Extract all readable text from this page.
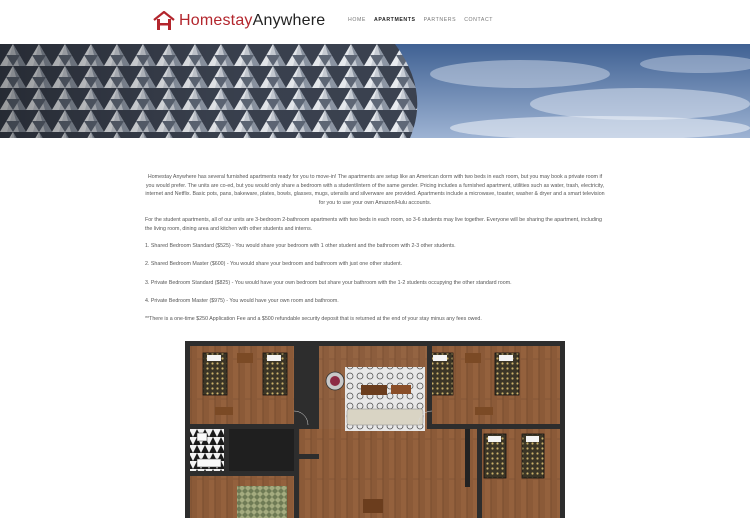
HomestayAnywhere	HOME APARTMENTS PARTNERS CONTACT

Homestay Anywhere has several furnished apartments ready for you to move-in! The apartments are setup like an American dorm with two beds in each room, but you may book a private room if you would prefer. The units are co-ed, but you would only share a bedroom with a student/intern of the same gender. Pricing includes a furnished apartment, utilities such as water, trash, electricity, internet and Netflix. Basic pots, pans, bakeware, plates, bowls, glasses, mugs, utensils and silverware are provided. Apartments include a microwave, toaster, washer & dryer and a smart television for you to use your own Amazon/Hulu accounts.

For the student apartments, all of our units are 3-bedroom 2-bathroom apartments with two beds in each room, so 3-6 students may live together. Everyone will be sharing the apartment, including the living room, dining area and kitchen with other students and interns.

1. Shared Bedroom Standard ($525) - You would share your bedroom with 1 other student and the bathroom with 2-3 other students.

2. Shared Bedroom Master ($600) - You would share your bedroom and bathroom with just one other student.

3. Private Bedroom Standard ($825) - You would have your own bedroom but share your bathroom with the 1-2 students occupying the other standard room.

4. Private Bedroom Master ($975) - You would have your own room and bathroom.

**There is a one-time $250 Application Fee and a $500 refundable security deposit that is returned at the end of your stay minus any fees owed.
